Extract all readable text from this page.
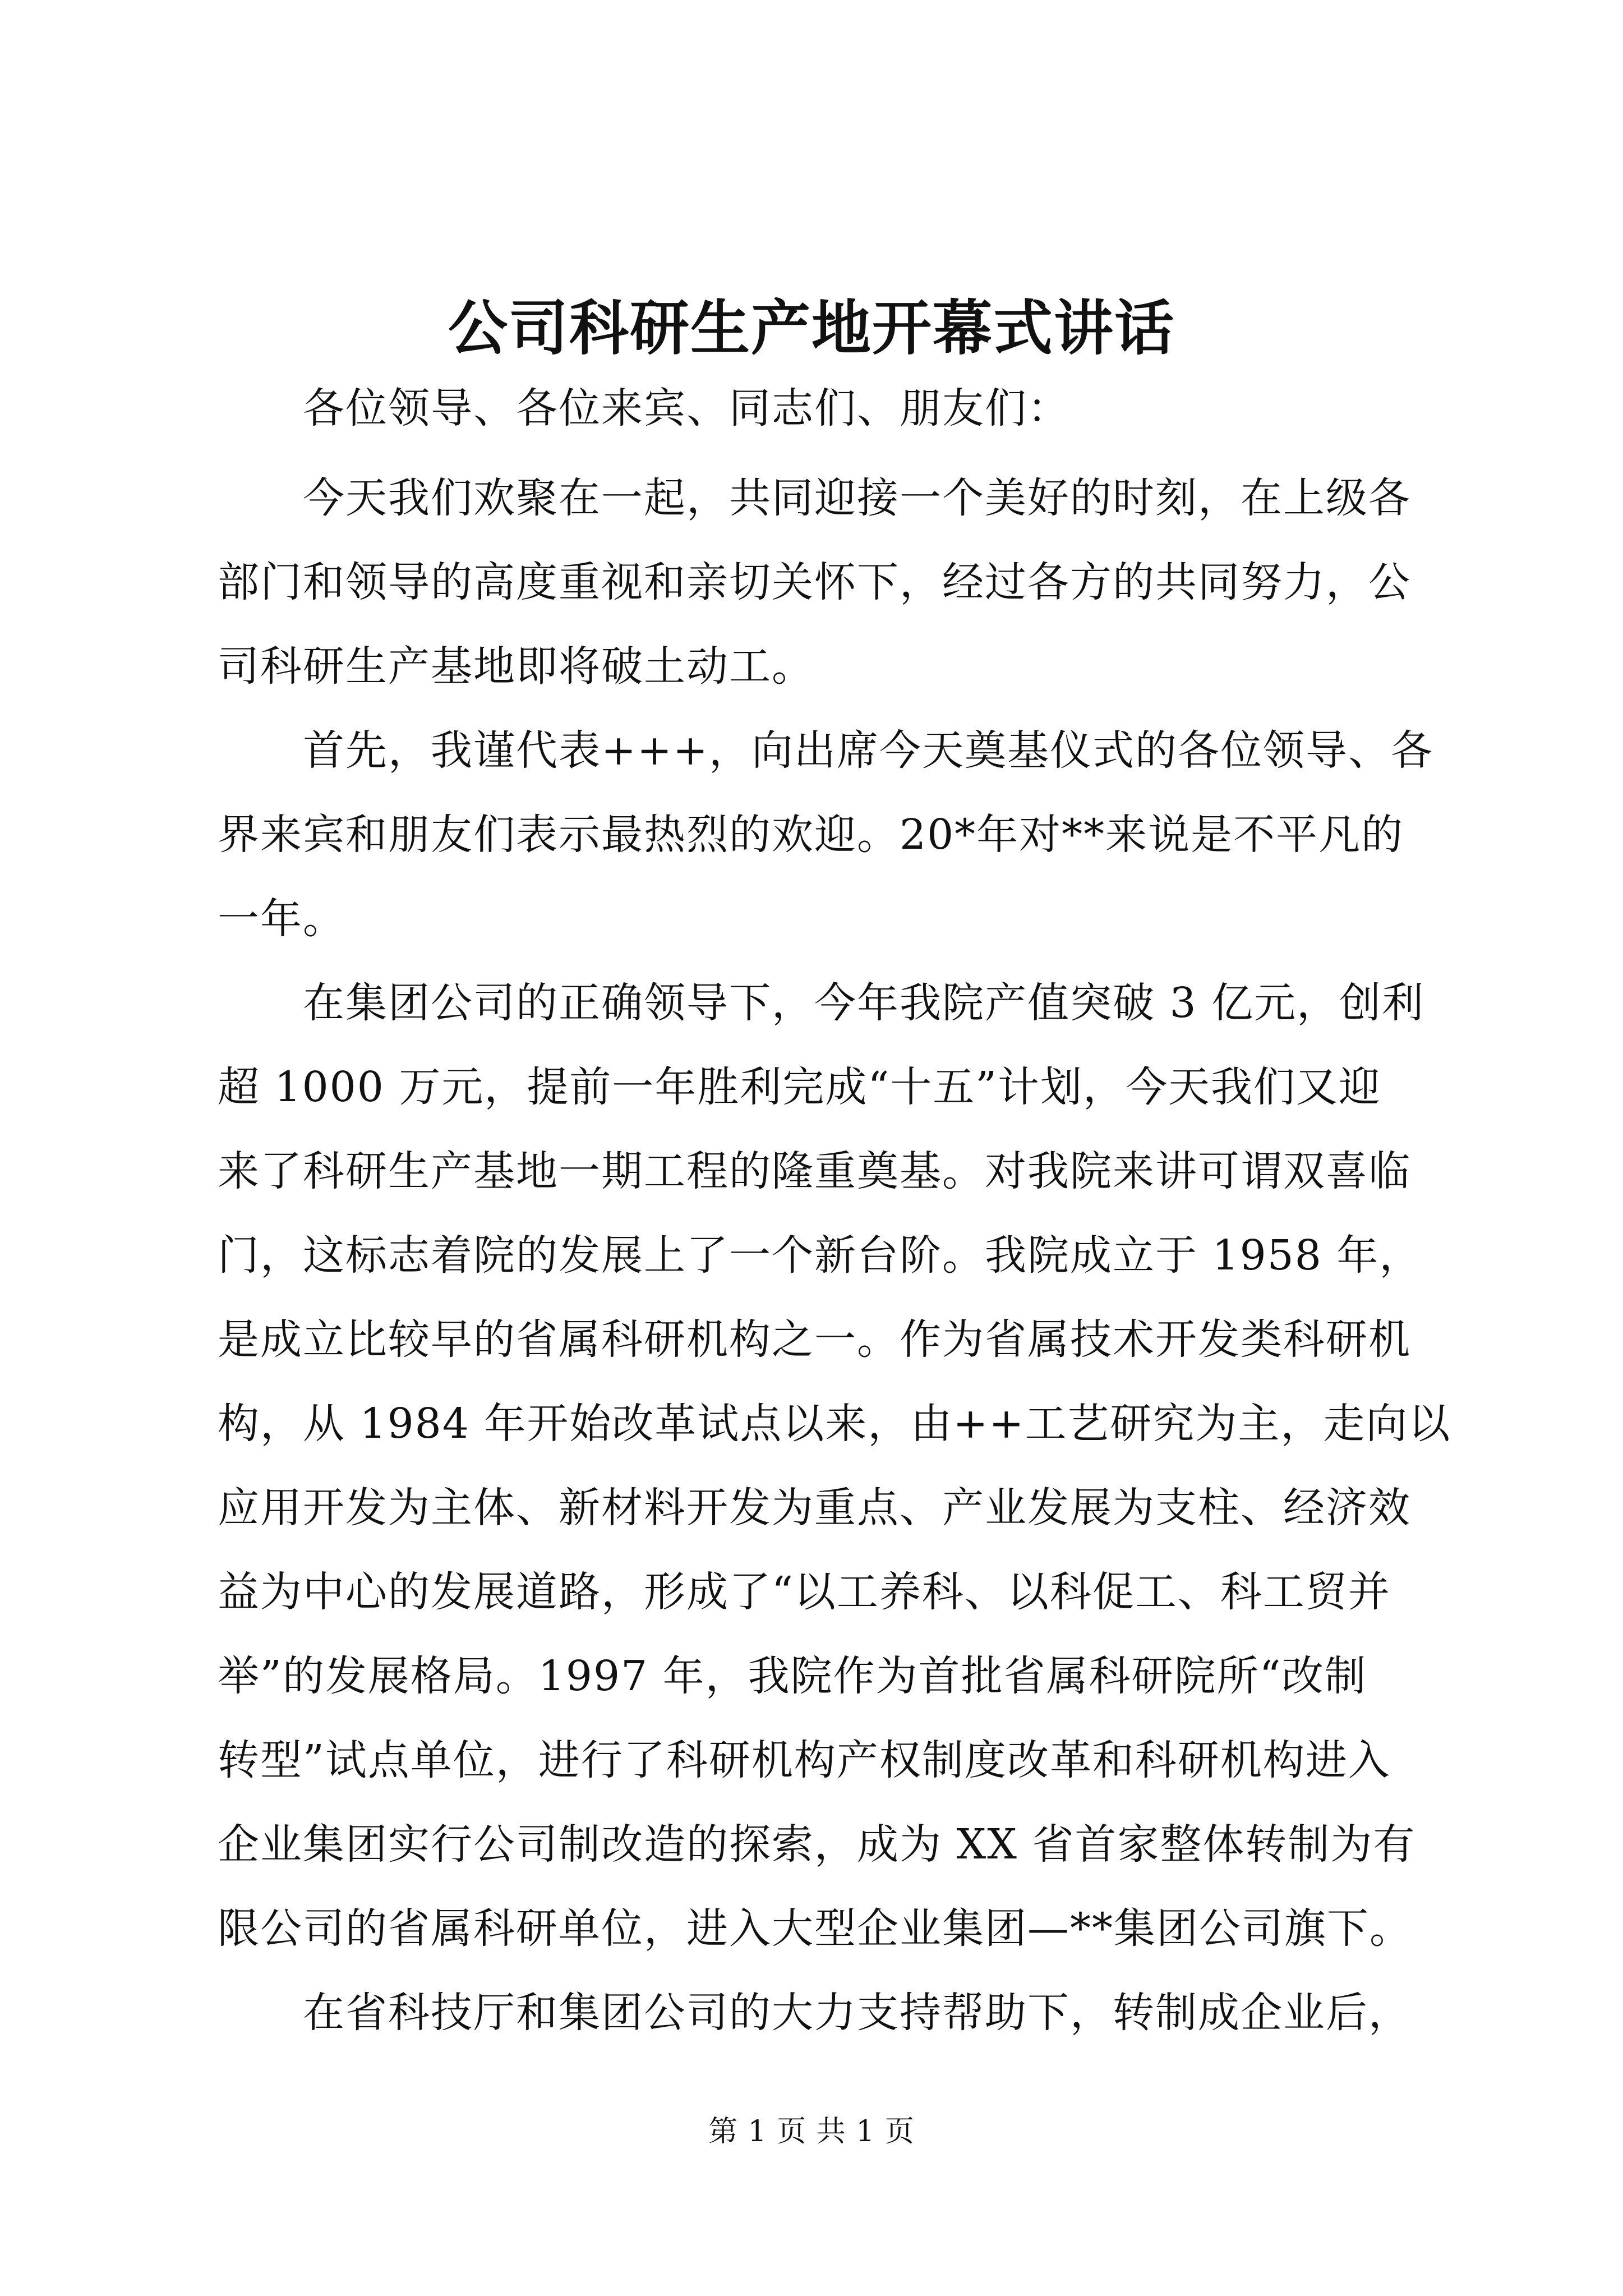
公司科研生产地开幕式讲话

　　各位领导、各位来宾、同志们、朋友们：

　　今天我们欢聚在一起，共同迎接一个美好的时刻，在上级各

部门和领导的高度重视和亲切关怀下，经过各方的共同努力，公

司科研生产基地即将破土动工。

　　首先，我谨代表+++，向出席今天奠基仪式的各位领导、各

界来宾和朋友们表示最热烈的欢迎。20*年对**来说是不平凡的

一年。

　　在集团公司的正确领导下，今年我院产值突破 3 亿元，创利

超 1000 万元，提前一年胜利完成“十五”计划，今天我们又迎

来了科研生产基地一期工程的隆重奠基。对我院来讲可谓双喜临

门，这标志着院的发展上了一个新台阶。我院成立于 1958 年，

是成立比较早的省属科研机构之一。作为省属技术开发类科研机

构，从 1984 年开始改革试点以来，由++工艺研究为主，走向以

应用开发为主体、新材料开发为重点、产业发展为支柱、经济效

益为中心的发展道路，形成了“以工养科、以科促工、科工贸并

举”的发展格局。1997 年，我院作为首批省属科研院所“改制

转型”试点单位，进行了科研机构产权制度改革和科研机构进入

企业集团实行公司制改造的探索，成为 XX 省首家整体转制为有

限公司的省属科研单位，进入大型企业集团—**集团公司旗下。

　　在省科技厅和集团公司的大力支持帮助下，转制成企业后，

第 1 页 共 1 页
